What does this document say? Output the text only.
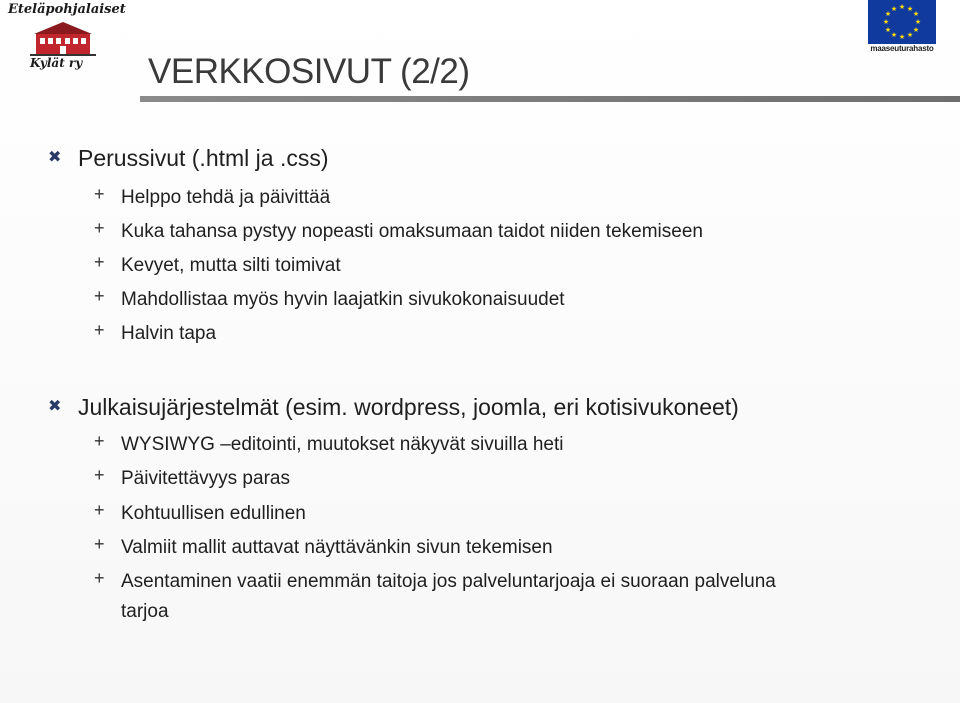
Eteläpohjalaiset
Kylät ry
★ ★
★
★
★
★
★
★
★
★
★
★
maaseuturahasto
VERKKOSIVUT (2/2)
✖ Perussivut (.html ja .css)
+ Helppo tehdä ja päivittää
+ Kuka tahansa pystyy nopeasti omaksumaan taidot niiden tekemiseen
+ Kevyet, mutta silti toimivat
+ Mahdollistaa myös hyvin laajatkin sivukokonaisuudet
+ Halvin tapa
✖ Julkaisujärjestelmät (esim. wordpress, joomla, eri kotisivukoneet)
+ WYSIWYG –editointi, muutokset näkyvät sivuilla heti
+ Päivitettävyys paras
+ Kohtuullisen edullinen
+ Valmiit mallit auttavat näyttävänkin sivun tekemisen
+ Asentaminen vaatii enemmän taitoja jos palveluntarjoaja ei suoraan palveluna
tarjoa
